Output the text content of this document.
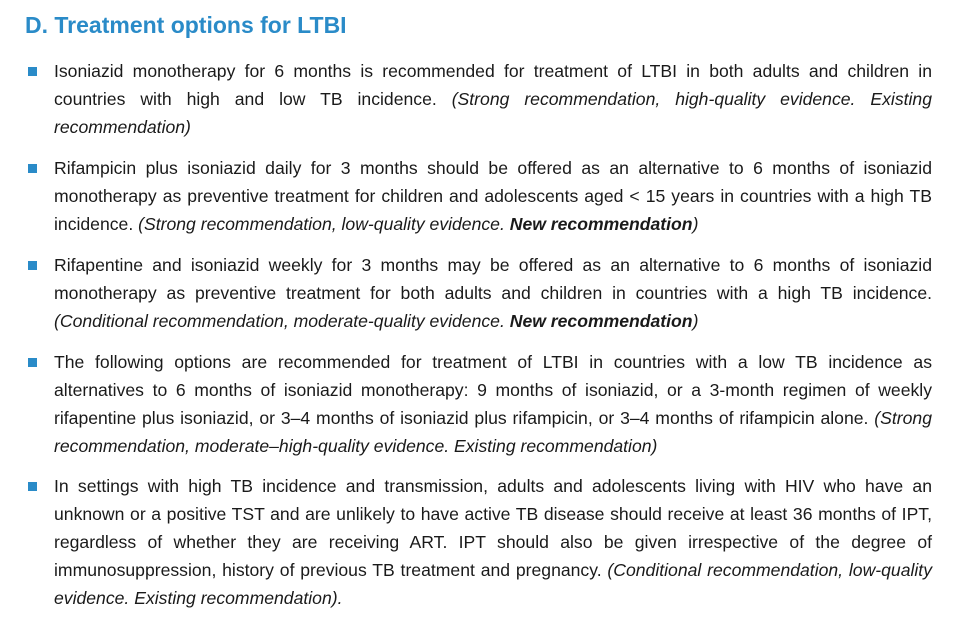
D. Treatment options for LTBI
Isoniazid monotherapy for 6 months is recommended for treatment of LTBI in both adults and children in countries with high and low TB incidence. (Strong recommendation, high-quality evidence. Existing recommendation)
Rifampicin plus isoniazid daily for 3 months should be offered as an alternative to 6 months of isoniazid monotherapy as preventive treatment for children and adolescents aged < 15 years in countries with a high TB incidence. (Strong recommendation, low-quality evidence. New recommendation)
Rifapentine and isoniazid weekly for 3 months may be offered as an alternative to 6 months of isoniazid monotherapy as preventive treatment for both adults and children in countries with a high TB incidence. (Conditional recommendation, moderate-quality evidence. New recommendation)
The following options are recommended for treatment of LTBI in countries with a low TB incidence as alternatives to 6 months of isoniazid monotherapy: 9 months of isoniazid, or a 3-month regimen of weekly rifapentine plus isoniazid, or 3–4 months of isoniazid plus rifampicin, or 3–4 months of rifampicin alone. (Strong recommendation, moderate–high-quality evidence. Existing recommendation)
In settings with high TB incidence and transmission, adults and adolescents living with HIV who have an unknown or a positive TST and are unlikely to have active TB disease should receive at least 36 months of IPT, regardless of whether they are receiving ART. IPT should also be given irrespective of the degree of immunosuppression, history of previous TB treatment and pregnancy. (Conditional recommendation, low-quality evidence. Existing recommendation).
